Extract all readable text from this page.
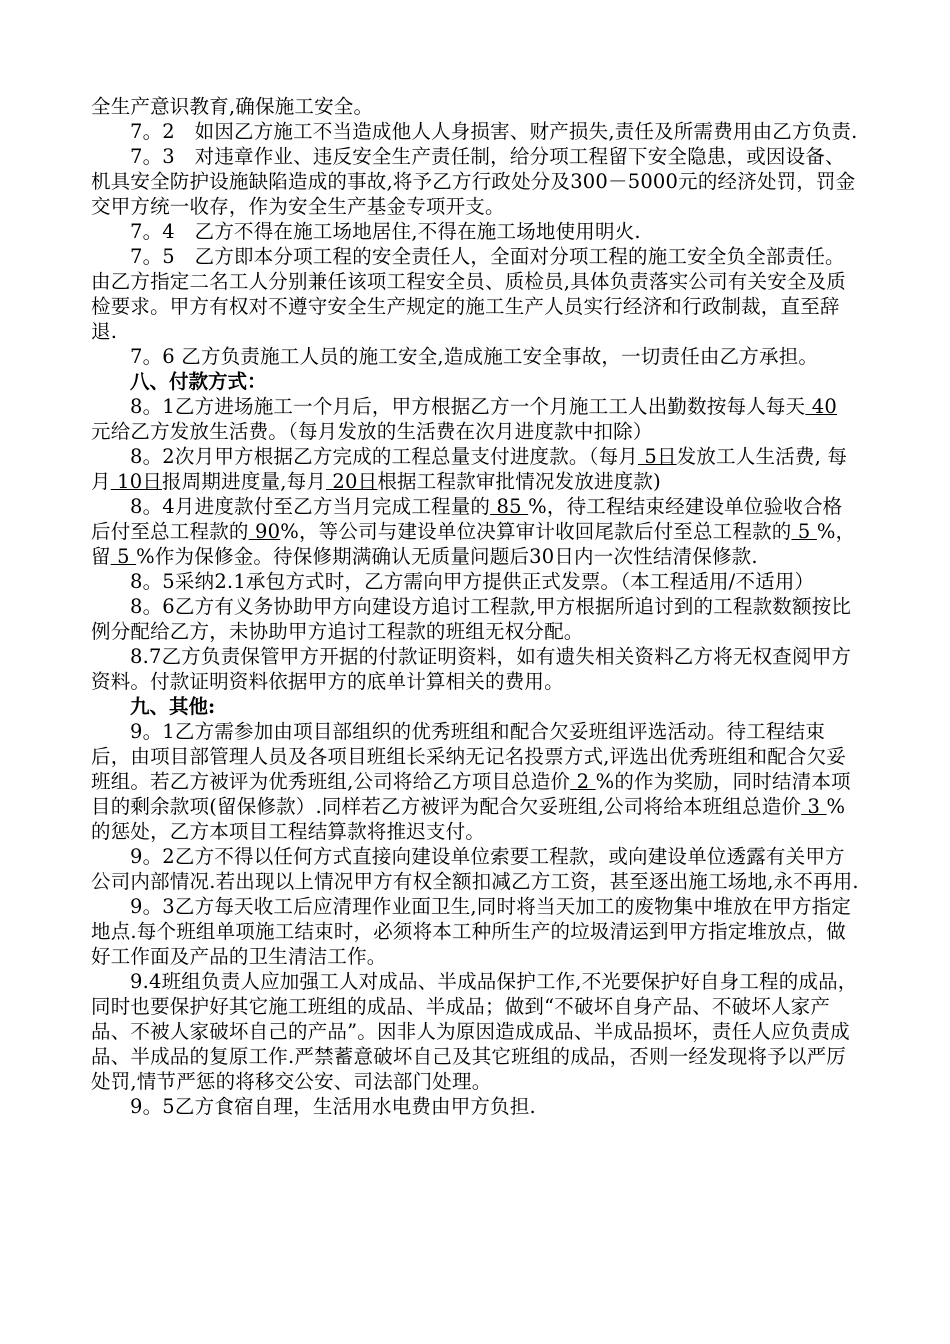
全生产意识教育,确保施工安全。

7。2　如因乙方施工不当造成他人人身损害、财产损失,责任及所需费用由乙方负责.

7。3　对违章作业、违反安全生产责任制，给分项工程留下安全隐患，或因设备、机具安全防护设施缺陷造成的事故,将予乙方行政处分及300－5000元的经济处罚，罚金交甲方统一收存，作为安全生产基金专项开支。

7。4　乙方不得在施工场地居住,不得在施工场地使用明火.

7。5　乙方即本分项工程的安全责任人，全面对分项工程的施工安全负全部责任。由乙方指定二名工人分别兼任该项工程安全员、质检员,具体负责落实公司有关安全及质检要求。甲方有权对不遵守安全生产规定的施工生产人员实行经济和行政制裁，直至辞退.

7。6 乙方负责施工人员的施工安全,造成施工安全事故，一切责任由乙方承担。

八、付款方式：

8。1乙方进场施工一个月后，甲方根据乙方一个月施工工人出勤数按每人每天 40 元给乙方发放生活费。（每月发放的生活费在次月进度款中扣除）

8。2次月甲方根据乙方完成的工程总量支付进度款。（每月 5日发放工人生活费, 每月 10日报周期进度量,每月 20日根据工程款审批情况发放进度款)

8。4月进度款付至乙方当月完成工程量的 85 %，待工程结束经建设单位验收合格后付至总工程款的 90%，等公司与建设单位决算审计收回尾款后付至总工程款的 5 %，留 5 %作为保修金。待保修期满确认无质量问题后30日内一次性结清保修款.

8。5采纳2.1承包方式时，乙方需向甲方提供正式发票。（本工程适用/不适用）

8。6乙方有义务协助甲方向建设方追讨工程款,甲方根据所追讨到的工程款数额按比例分配给乙方，未协助甲方追讨工程款的班组无权分配。

8.7乙方负责保管甲方开据的付款证明资料，如有遗失相关资料乙方将无权查阅甲方资料。付款证明资料依据甲方的底单计算相关的费用。

九、其他:

9。1乙方需参加由项目部组织的优秀班组和配合欠妥班组评选活动。待工程结束后，由项目部管理人员及各项目班组长采纳无记名投票方式,评选出优秀班组和配合欠妥班组。若乙方被评为优秀班组,公司将给乙方项目总造价 2 %的作为奖励，同时结清本项目的剩余款项(留保修款）.同样若乙方被评为配合欠妥班组,公司将给本班组总造价 3 %的惩处，乙方本项目工程结算款将推迟支付。

9。2乙方不得以任何方式直接向建设单位索要工程款，或向建设单位透露有关甲方公司内部情况.若出现以上情况甲方有权全额扣减乙方工资，甚至逐出施工场地,永不再用.

9。3乙方每天收工后应清理作业面卫生,同时将当天加工的废物集中堆放在甲方指定地点.每个班组单项施工结束时，必须将本工种所生产的垃圾清运到甲方指定堆放点，做好工作面及产品的卫生清洁工作。

9.4班组负责人应加强工人对成品、半成品保护工作,不光要保护好自身工程的成品，同时也要保护好其它施工班组的成品、半成品；做到“不破坏自身产品、不破坏人家产品、不被人家破坏自己的产品”。因非人为原因造成成品、半成品损坏，责任人应负责成品、半成品的复原工作.严禁蓄意破坏自己及其它班组的成品，否则一经发现将予以严厉处罚,情节严惩的将移交公安、司法部门处理。

9。5乙方食宿自理，生活用水电费由甲方负担.
